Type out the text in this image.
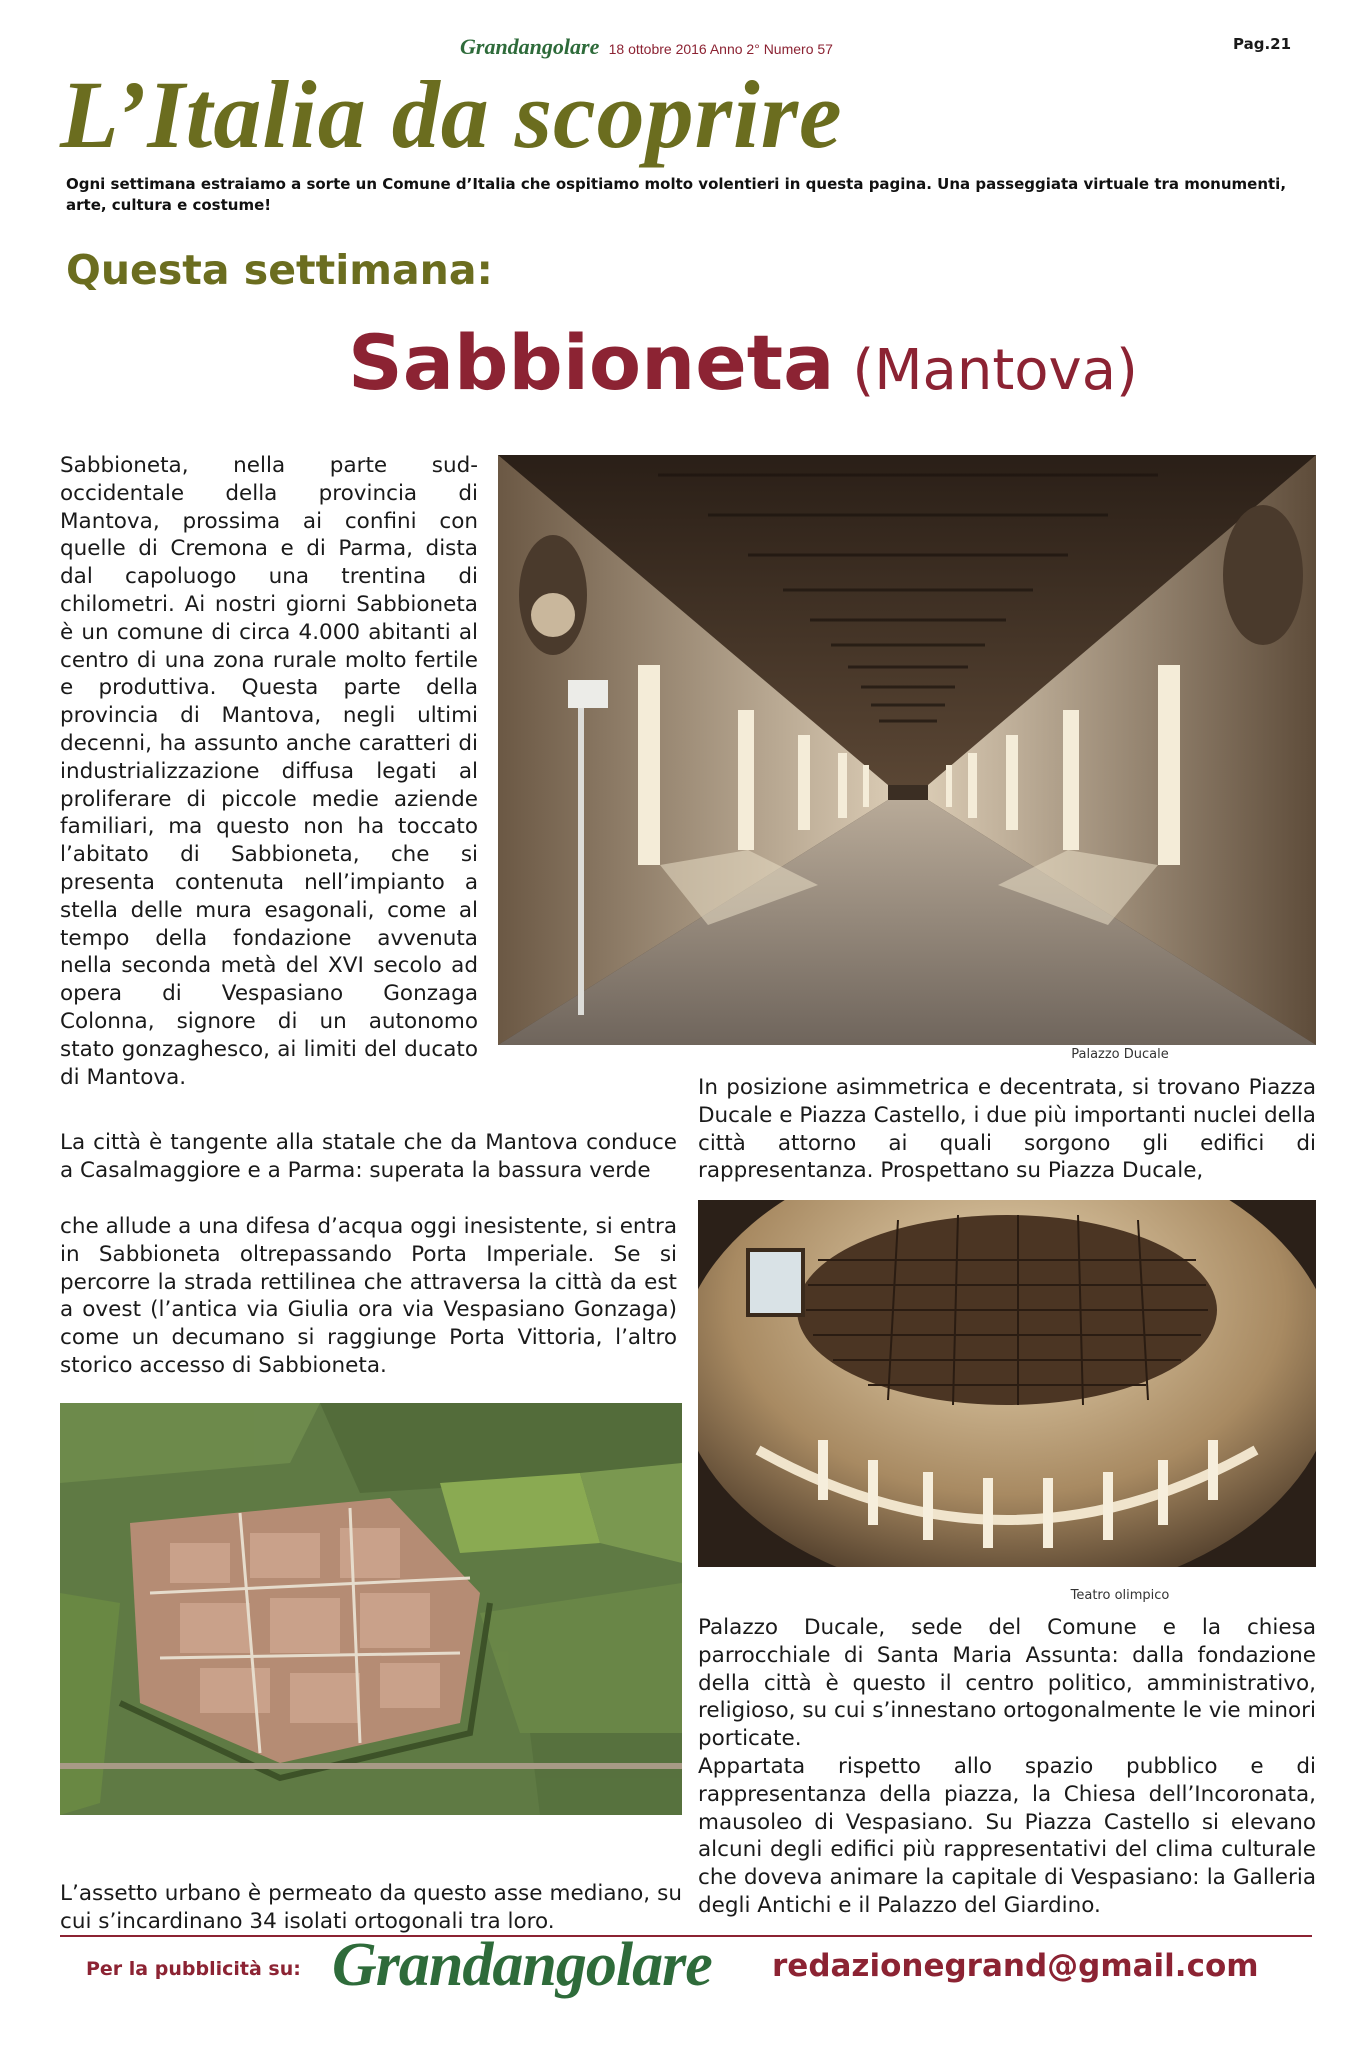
Grandangolare 18 ottobre 2016 Anno 2° Numero 57	Pag.21
L’Italia da scoprire
Ogni settimana estraiamo a sorte un Comune d’Italia che ospitiamo molto volentieri in questa pagina. Una passeggiata virtuale tra monumenti, arte, cultura e costume!
Questa settimana:
Sabbioneta (Mantova)
Sabbioneta, nella parte sud-occidentale della provincia di Mantova, prossima ai confini con quelle di Cremona e di Parma, dista dal capoluogo una trentina di chilometri. Ai nostri giorni Sabbioneta è un comune di circa 4.000 abitanti al centro di una zona rurale molto fertile e produttiva. Questa parte della provincia di Mantova, negli ultimi decenni, ha assunto anche caratteri di industrializzazione diffusa legati al proliferare di piccole medie aziende familiari, ma questo non ha toccato l’abitato di Sabbioneta, che si presenta contenuta nell’impianto a stella delle mura esagonali, come al tempo della fondazione avvenuta nella seconda metà del XVI secolo ad opera di Vespasiano Gonzaga Colonna, signore di un autonomo stato gonzaghesco, ai limiti del ducato di Mantova.
La città è tangente alla statale che da Mantova conduce a Casalmaggiore e a Parma: superata la bassura verde
che allude a una difesa d’acqua oggi inesistente, si entra in Sabbioneta oltrepassando Porta Imperiale. Se si percorre la strada rettilinea che attraversa la città da est a ovest (l’antica via Giulia ora via Vespasiano Gonzaga) come un decumano si raggiunge Porta Vittoria, l’altro storico accesso di Sabbioneta.
Palazzo Ducale
In posizione asimmetrica e decentrata, si trovano Piazza Ducale e Piazza Castello, i due più importanti nuclei della città attorno ai quali sorgono gli edifici di rappresentanza. Prospettano su Piazza Ducale,
Teatro olimpico
Palazzo Ducale, sede del Comune e la chiesa parrocchiale di Santa Maria Assunta: dalla fondazione della città è questo il centro politico, amministrativo, religioso, su cui s’innestano ortogonalmente le vie minori porticate.
Appartata rispetto allo spazio pubblico e di rappresentanza della piazza, la Chiesa dell’Incoronata, mausoleo di Vespasiano. Su Piazza Castello si elevano alcuni degli edifici più rappresentativi del clima culturale che doveva animare la capitale di Vespasiano: la Galleria degli Antichi e il Palazzo del Giardino.
L’assetto urbano è permeato da questo asse mediano, su cui s’incardinano 34 isolati ortogonali tra loro.
Per la pubblicità su: Grandangolare redazionegrand@gmail.com
